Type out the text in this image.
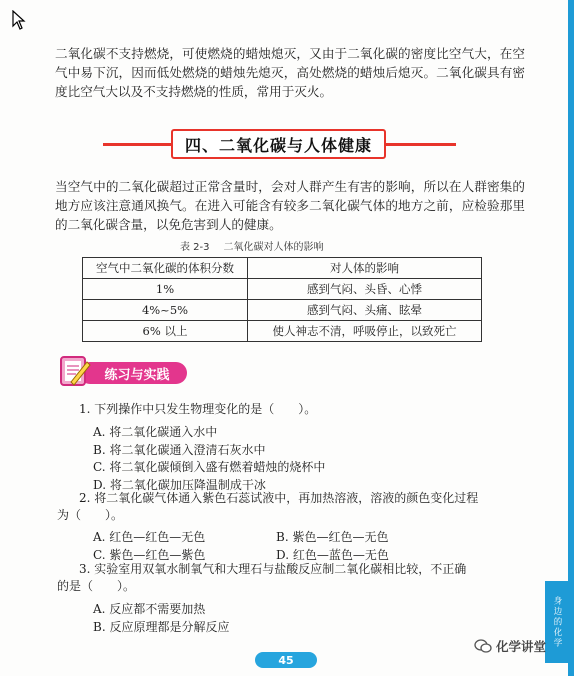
二氧化碳不支持燃烧，可使燃烧的蜡烛熄灭，又由于二氧化碳的密度比空气大，在空气中易下沉，因而低处燃烧的蜡烛先熄灭，高处燃烧的蜡烛后熄灭。二氧化碳具有密度比空气大以及不支持燃烧的性质，常用于灭火。
四、二氧化碳与人体健康
当空气中的二氧化碳超过正常含量时，会对人群产生有害的影响，所以在人群密集的地方应该注意通风换气。在进入可能含有较多二氧化碳气体的地方之前，应检验那里的二氧化碳含量，以免危害到人的健康。
表 2-3 二氧化碳对人体的影响
空气中二氧化碳的体积分数	对人体的影响
1%	感到气闷、头昏、心悸
4%~5%	感到气闷、头痛、眩晕
6% 以上	使人神志不清，呼吸停止，以致死亡
练习与实践
1. 下列操作中只发生物理变化的是（　　）。
A. 将二氧化碳通入水中
B. 将二氧化碳通入澄清石灰水中
C. 将二氧化碳倾倒入盛有燃着蜡烛的烧杯中
D. 将二氧化碳加压降温制成干冰
2. 将二氧化碳气体通入紫色石蕊试液中，再加热溶液，溶液的颜色变化过程
为（　　）。
A. 红色—红色—无色	B. 紫色—红色—无色
C. 紫色—红色—紫色	D. 红色—蓝色—无色
3. 实验室用双氧水制氧气和大理石与盐酸反应制二氧化碳相比较，不正确
的是（　　）。
A. 反应都不需要加热
B. 反应原理都是分解反应	身边的化学
45
化学讲堂
